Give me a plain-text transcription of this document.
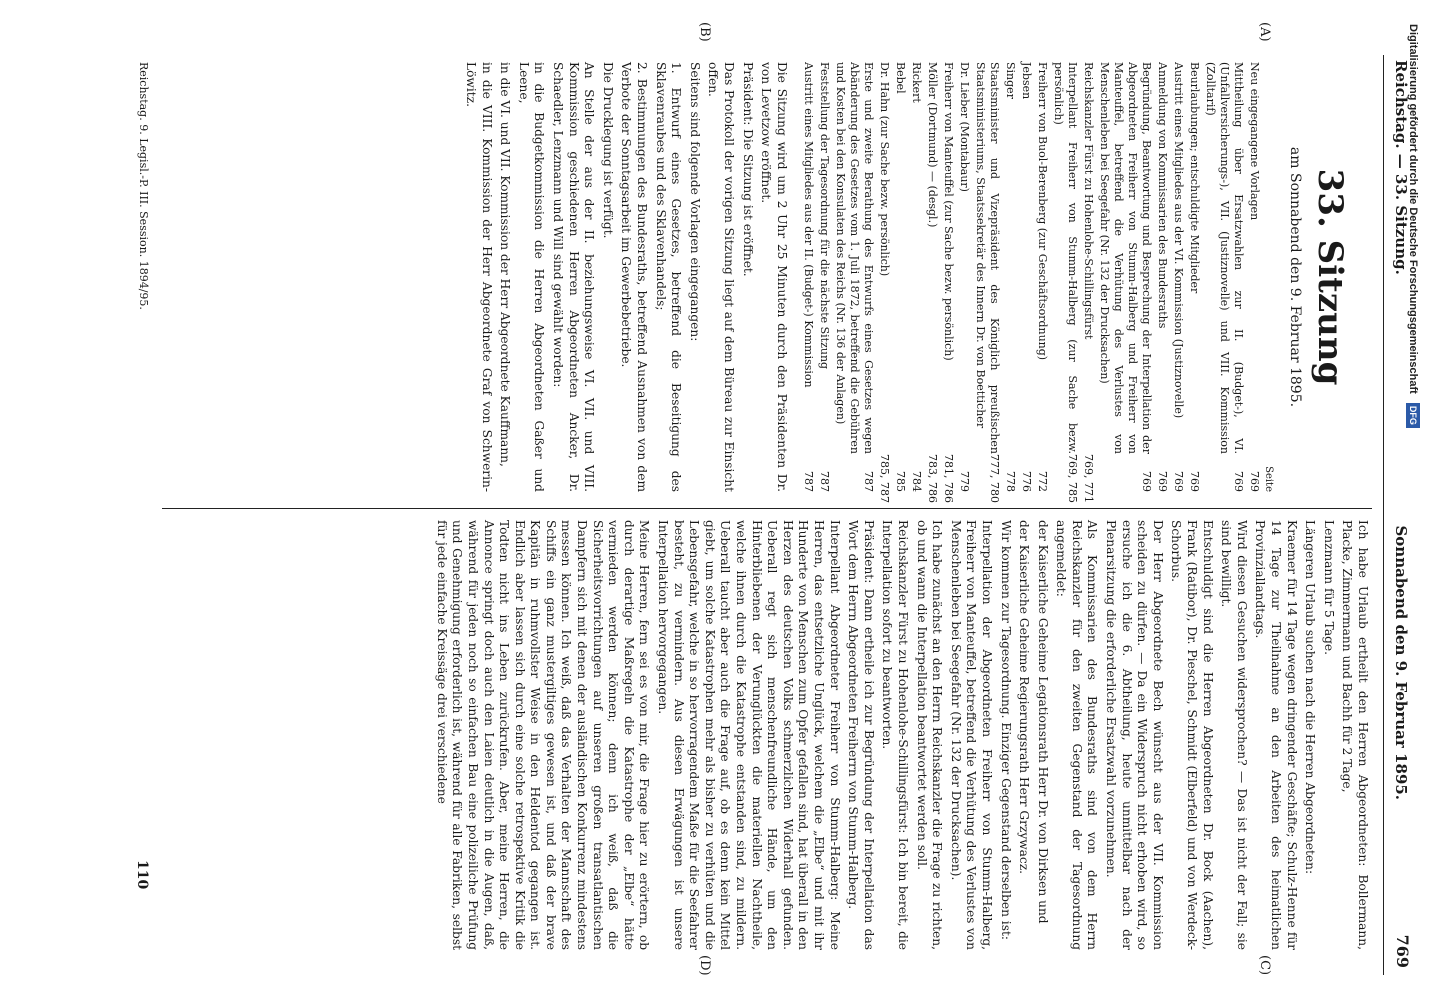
Reichstag. — 33. Sitzung.
Sonnabend den 9. Februar 1895.
769
(A)
(B)
(C)
(D)
33. Sitzung
am Sonnabend den 9. Februar 1895.
Seite
Neu eingegangene Vorlagen
769
Mittheilung über Ersatzwahlen zur II. (Budget-), VI. (Unfallversicherungs-), VII. (Justiznovelle) und VIII. Kommission (Zolltarif)
769
Beurlaubungen; entschuldigte Mitglieder
769
Austritt eines Mitgliedes aus der VI. Kommission (Justiznovelle)
769
Anmeldung von Kommissarien des Bundesraths
769
Begründung, Beantwortung und Besprechung der Interpellation der Abgeordneten Freiherr von Stumm-Halberg und Freiherr von Manteuffel, betreffend die Verhütung des Verlustes von Menschenleben bei Seegefahr (Nr. 132 der Drucksachen)
769
Reichskanzler Fürst zu Hohenlohe-Schillingsfürst
769, 771
Interpellant Freiherr von Stumm-Halberg (zur Sache bezw. persönlich)
769, 785
Freiherr von Buol-Berenberg (zur Geschäftsordnung)
772
Jebsen
776
Singer
778
Staatsminister und Vizepräsident des Königlich preußischen Staatsministeriums, Staatssekretär des Innern Dr. von Boetticher
777, 780
Dr. Lieber (Montabaur)
779
Freiherr von Manteuffel (zur Sache bezw. persönlich)
781, 786
Möller (Dortmund) — (desgl.)
783, 786
Rickert
784
Bebel
785
Dr. Hahn (zur Sache bezw. persönlich)
785, 787
Erste und zweite Berathung des Entwurfs eines Gesetzes wegen Abänderung des Gesetzes vom 1. Juli 1872, betreffend die Gebühren und Kosten bei den Konsulaten des Reichs (Nr. 136 der Anlagen)
787
Feststellung der Tagesordnung für die nächste Sitzung
787
Austritt eines Mitgliedes aus der II. (Budget-) Kommission
787

Die Sitzung wird um 2 Uhr 25 Minuten durch den Präsidenten Dr. von Levetzow eröffnet.

Präsident: Die Sitzung ist eröffnet.

Das Protokoll der vorigen Sitzung liegt auf dem Büreau zur Einsicht offen.

Seitens sind folgende Vorlagen eingegangen:

1. Entwurf eines Gesetzes, betreffend die Beseitigung des Sklavenraubes und des Sklavenhandels;

2. Bestimmungen des Bundesraths, betreffend Ausnahmen von dem Verbote der Sonntagsarbeit im Gewerbebetriebe.

Die Drucklegung ist verfügt.

An Stelle der aus der II. beziehungsweise VI. VII. und VIII. Kommission geschiedenen Herren Abgeordneten Ancker, Dr. Schaedler, Lenzmann und Will sind gewählt worden:

in die Budgetkommission die Herren Abgeordneten Gaßer und Leene,

in die VI. und VII. Kommission der Herr Abgeordnete Kauffmann,

in die VIII. Kommission der Herr Abgeordnete Graf von Schwerin-Löwitz.

Ich habe Urlaub ertheilt den Herren Abgeordneten: Bollermann, Placke, Zimmermann und Bachh für 2 Tage,

Lenzmann für 5 Tage.

Längeren Urlaub suchen nach die Herren Abgeordneten:

Kraemer für 14 Tage wegen dringender Geschäfte; Schulz-Henne für 14 Tage zur Theilnahme an den Arbeiten des heimatlichen Provinziallandtags.

Wird diesen Gesuchen widersprochen? — Das ist nicht der Fall; sie sind bewilligt.

Entschuldigt sind die Herren Abgeordneten Dr. Bock (Aachen), Frank (Ratibor), Dr. Pieschel, Schmidt (Elberfeld) und von Werdeck-Schorbus.

Der Herr Abgeordnete Bech wünscht aus der VII. Kommission scheiden zu dürfen. — Da ein Widerspruch nicht erhoben wird, so ersuche ich die 6. Abtheilung, heute unmittelbar nach der Plenarsitzung die erforderliche Ersatzwahl vorzunehmen.

Als Kommissarien des Bundesraths sind von dem Herrn Reichskanzler für den zweiten Gegenstand der Tagesordnung angemeldet:

der Kaiserliche Geheime Legationsrath Herr Dr. von Dirksen und

der Kaiserliche Geheime Regierungsrath Herr Grzywacz.

Wir kommen zur Tagesordnung. Einziger Gegenstand derselben ist:

Interpellation der Abgeordneten Freiherr von Stumm-Halberg, Freiherr von Manteuffel, betreffend die Verhütung des Verlustes von Menschenleben bei Seegefahr (Nr. 132 der Drucksachen).

Ich habe zunächst an den Herrn Reichskanzler die Frage zu richten, ob und wann die Interpellation beantwortet werden soll.

Reichskanzler Fürst zu Hohenlohe-Schillingsfürst: Ich bin bereit, die Interpellation sofort zu beantworten.

Präsident: Dann ertheile ich zur Begründung der Interpellation das Wort dem Herrn Abgeordneten Freiherrn von Stumm-Halberg.

Interpellant Abgeordneter Freiherr von Stumm-Halberg: Meine Herren, das entsetzliche Unglück, welchem die „Elbe“ und mit ihr Hunderte von Menschen zum Opfer gefallen sind, hat überall in den Herzen des deutschen Volks schmerzlichen Widerhall gefunden. Ueberall regt sich menschenfreundliche Hände, um den Hinterbliebenen der Verunglückten die materiellen Nachtheile, welche ihnen durch die Katastrophe entstanden sind, zu mildern. Ueberall taucht aber auch die Frage auf, ob es denn kein Mittel giebt, um solche Katastrophen mehr als bisher zu verhüten und die Lebensgefahr, welche in so hervorragendem Maße für die Seefahrer besteht, zu vermindern. Aus diesen Erwägungen ist unsere Interpellation hervorgegangen.

Meine Herren, fern sei es von mir, die Frage hier zu erörtern, ob durch derartige Maßregeln die Katastrophe der „Elbe“ hätte vermieden werden können; denn ich weiß, daß die Sicherheitsvorrichtungen auf unseren großen transatlantischen Dampfern sich mit denen der ausländischen Konkurrenz mindestens messen können. Ich weiß, daß das Verhalten der Mannschaft des Schiffs ein ganz mustergiltiges gewesen ist, und daß der brave Kapitän in ruhmvollster Weise in den Heldentod gegangen ist. Endlich aber lassen sich durch eine solche retrospektive Kritik die Todten nicht ins Leben zurückrufen. Aber, meine Herren, die Annonce springt doch auch den Laien deutlich in die Augen, daß, während für jeden noch so einfachen Bau eine polizeiliche Prüfung und Genehmigung erforderlich ist, während für alle Fabriken, selbst für jede einfache Kreissäge drei verschiedene

Reichstag. 9. Legisl.-P. III. Session. 1894/95.
110
Digitalisierung gefördert durch die Deutsche Forschungsgemeinschaft DFG
